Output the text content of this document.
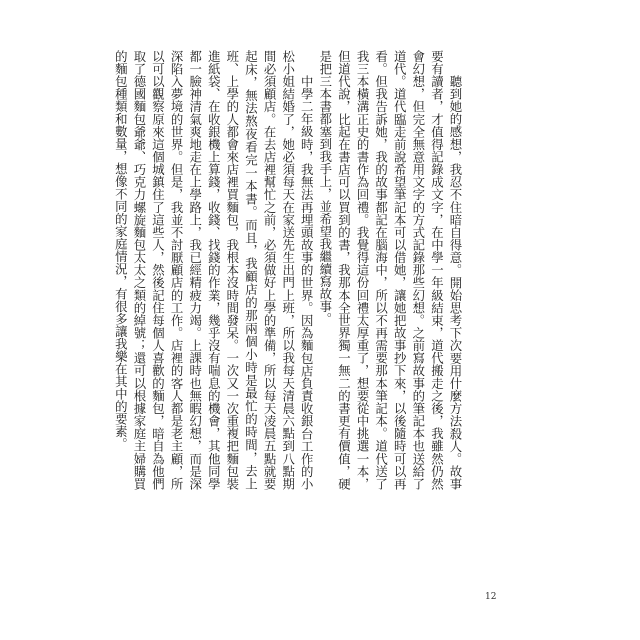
聽到她的感想，我忍不住暗自得意。開始思考下次要用什麼方法殺人。故事要有讀者，才值得記錄成文字，在中學一年級結束，道代搬走之後，我雖然仍然會幻想，但完全無意用文字的方式記錄那些幻想。之前寫故事的筆記本也送給了道代。道代臨走前說希望筆記本可以借她，讓她把故事抄下來，以後隨時可以再看。但我告訴她，我的故事都記在腦海中，所以不再需要那本筆記本。道代送了我三本橫溝正史的書作為回禮。我覺得這份回禮太厚重了，想要從中挑選一本，但道代說，比起在書店可以買到的書，我那本全世界獨一無二的書更有價值，硬是把三本書都塞到我手上，並希望我繼續寫故事。

中學二年級時，我無法再埋頭故事的世界。因為麵包店負責收銀台工作的小松小姐結婚了，她必須每天在家送先生出門上班，所以我每天清晨六點到八點期間必須顧店。在去店裡幫忙之前，必須做好上學的準備，所以每天凌晨五點就要起床，無法熬夜看完一本書。而且，我顧店的那兩個小時是最忙的時間，去上班、上學的人都會來店裡買麵包，我根本沒時間發呆。一次又一次重複把麵包裝進紙袋、在收銀機上算錢，收錢、找錢的作業，幾乎沒有喘息的機會，其他同學都一臉神清氣爽地走在上學路上，我已經精疲力竭。上課時也無暇幻想，而是深深陷入夢境的世界。但是，我並不討厭顧店的工作。店裡的客人都是老主顧，所以可以觀察原來這個城鎮住了這些人，然後記住每個人喜歡的麵包，暗自為他們取了德國麵包爺爺、巧克力螺旋麵包太太之類的綽號；還可以根據家庭主婦購買的麵包種類和數量，想像不同的家庭情況，有很多讓我樂在其中的要素。

12
